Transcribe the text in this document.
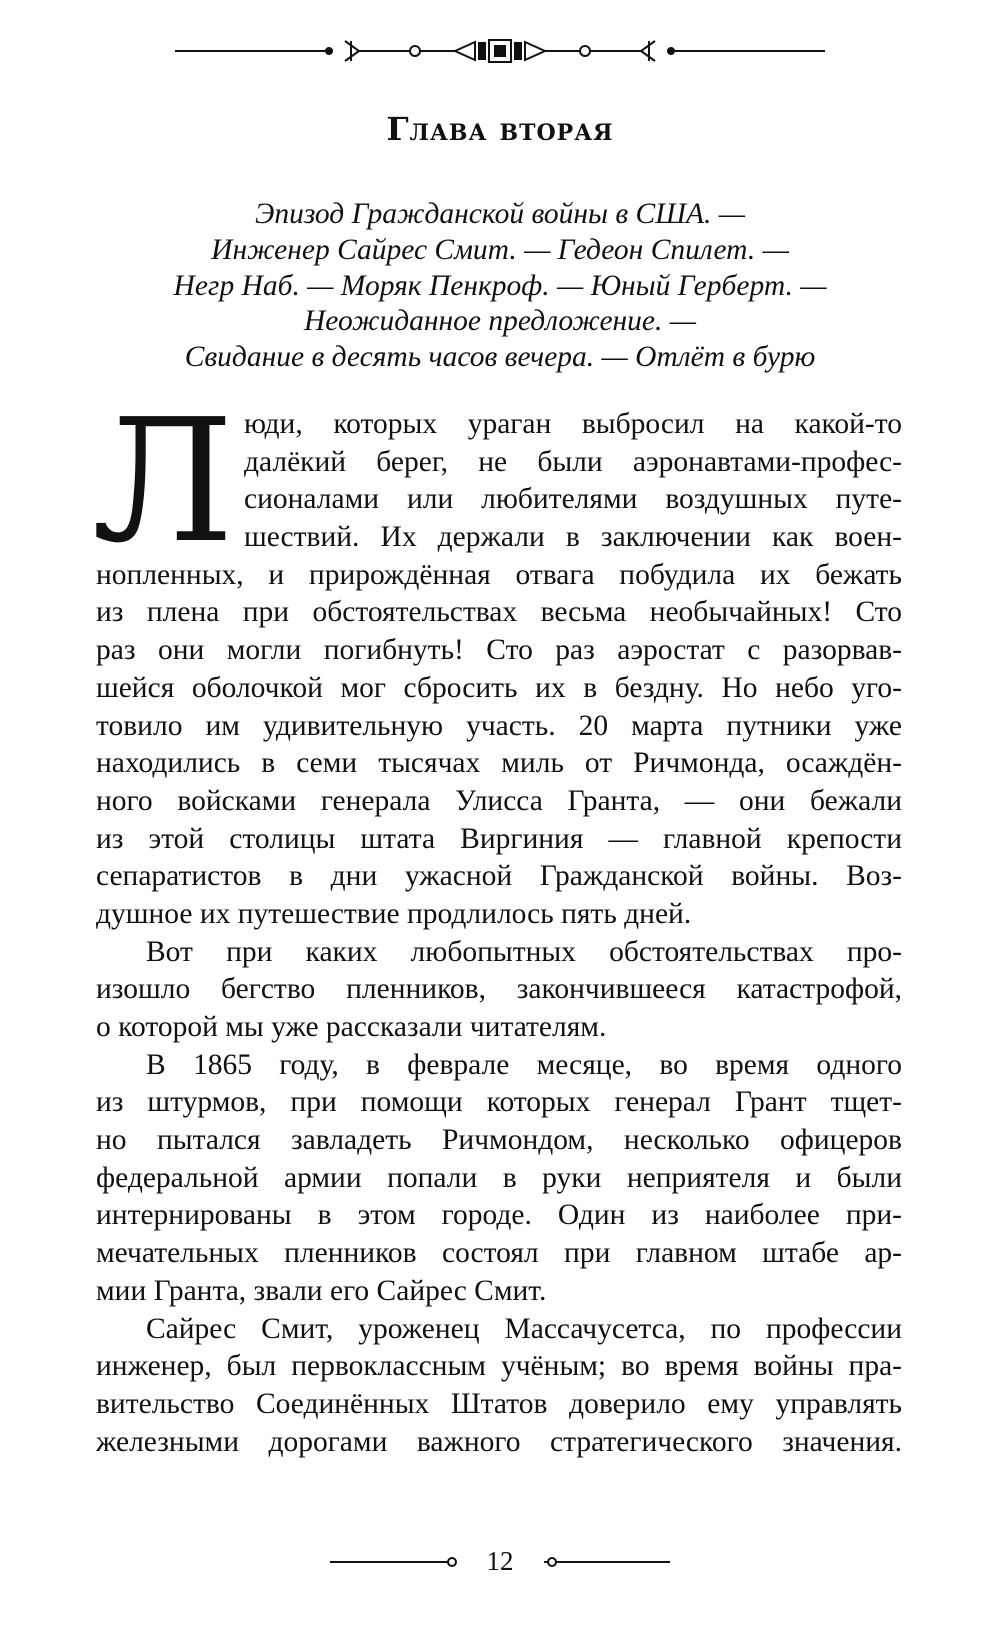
Глава вторая
Эпизод Гражданской войны в США. —
Инженер Сайрес Смит. — Гедеон Спилет. —
Негр Наб. — Моряк Пенкроф. — Юный Герберт. —
Неожиданное предложение. —
Свидание в десять часов вечера. — Отлёт в бурю
Л юди, которых ураган выбросил на какой-то
далёкий берег, не были аэронавтами-профес-
сионалами или любителями воздушных путе-
шествий. Их держали в заключении как воен-
нопленных, и прирождённая отвага побудила их бежать
из плена при обстоятельствах весьма необычайных! Сто
раз они могли погибнуть! Сто раз аэростат с разорвав-
шейся оболочкой мог сбросить их в бездну. Но небо уго-
товило им удивительную участь. 20 марта путники уже
находились в семи тысячах миль от Ричмонда, осаждён-
ного войсками генерала Улисса Гранта, — они бежали
из этой столицы штата Виргиния — главной крепости
сепаратистов в дни ужасной Гражданской войны. Воз-
душное их путешествие продлилось пять дней.
Вот при каких любопытных обстоятельствах про-
изошло бегство пленников, закончившееся катастрофой,
о которой мы уже рассказали читателям.
В 1865 году, в феврале месяце, во время одного
из штурмов, при помощи которых генерал Грант тщет-
но пытался завладеть Ричмондом, несколько офицеров
федеральной армии попали в руки неприятеля и были
интернированы в этом городе. Один из наиболее при-
мечательных пленников состоял при главном штабе ар-
мии Гранта, звали его Сайрес Смит.
Сайрес Смит, уроженец Массачусетса, по профессии
инженер, был первоклассным учёным; во время войны пра-
вительство Соединённых Штатов доверило ему управлять
железными дорогами важного стратегического значения.
12
